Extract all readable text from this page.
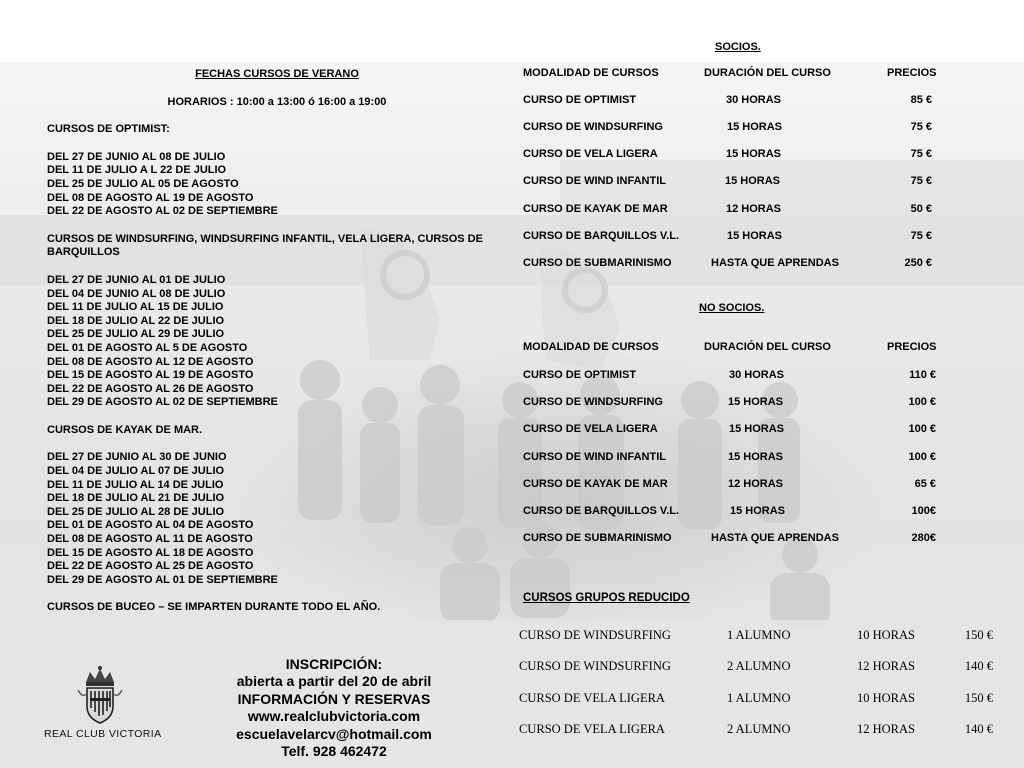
FECHAS CURSOS DE VERANO
HORARIOS : 10:00 a 13:00 ó 16:00 a 19:00
CURSOS DE OPTIMIST:
DEL 27 DE JUNIO AL 08 DE JULIO
DEL 11 DE JULIO A L 22 DE JULIO
DEL 25 DE JULIO AL 05 DE AGOSTO
DEL 08 DE AGOSTO AL 19 DE AGOSTO
DEL 22 DE AGOSTO AL 02 DE SEPTIEMBRE
CURSOS DE WINDSURFING, WINDSURFING INFANTIL, VELA LIGERA, CURSOS DE
BARQUILLOS
DEL 27 DE JUNIO AL 01 DE JULIO
DEL 04 DE JUNIO AL 08 DE JULIO
DEL 11 DE JULIO AL 15 DE JULIO
DEL 18 DE JULIO AL 22 DE JULIO
DEL 25 DE JULIO AL 29 DE JULIO
DEL 01 DE AGOSTO AL 5 DE AGOSTO
DEL 08 DE AGOSTO AL 12 DE AGOSTO
DEL 15 DE AGOSTO AL 19 DE AGOSTO
DEL 22 DE AGOSTO AL 26 DE AGOSTO
DEL 29 DE AGOSTO AL 02 DE SEPTIEMBRE
CURSOS DE KAYAK DE MAR.
DEL 27 DE JUNIO AL 30 DE JUNIO
DEL 04 DE JULIO AL 07 DE JULIO
DEL 11 DE JULIO AL 14 DE JULIO
DEL 18 DE JULIO AL 21 DE JULIO
DEL 25 DE JULIO AL 28 DE JULIO
DEL 01 DE AGOSTO AL 04 DE AGOSTO
DEL 08 DE AGOSTO AL 11 DE AGOSTO
DEL 15 DE AGOSTO AL 18 DE AGOSTO
DEL 22 DE AGOSTO AL 25 DE AGOSTO
DEL 29 DE AGOSTO AL 01 DE SEPTIEMBRE
CURSOS DE BUCEO – SE IMPARTEN DURANTE TODO EL AÑO.
SOCIOS.
MODALIDAD DE CURSOS	DURACIÓN DEL CURSO	PRECIOS
CURSO DE OPTIMIST	30 HORAS	85 €
CURSO DE WINDSURFING	15 HORAS	75 €
CURSO DE VELA LIGERA	15 HORAS	75 €
CURSO DE WIND INFANTIL	15 HORAS	75 €
CURSO DE KAYAK DE MAR	12 HORAS	50 €
CURSO DE BARQUILLOS V.L.	15 HORAS	75 €
CURSO DE SUBMARINISMO	HASTA QUE APRENDAS	250 €
NO SOCIOS.
MODALIDAD DE CURSOS	DURACIÓN DEL CURSO	PRECIOS
CURSO DE OPTIMIST	30 HORAS	110 €
CURSO DE WINDSURFING	15 HORAS	100 €
CURSO DE VELA LIGERA	15 HORAS	100 €
CURSO DE WIND INFANTIL	15 HORAS	100 €
CURSO DE KAYAK DE MAR	12 HORAS	65 €
CURSO DE BARQUILLOS V.L.	15 HORAS	100€
CURSO DE SUBMARINISMO	HASTA QUE APRENDAS	280€
CURSOS GRUPOS REDUCIDO
CURSO DE WINDSURFING	1 ALUMNO	10 HORAS	150 €
CURSO DE WINDSURFING	2 ALUMNO	12 HORAS	140 €
CURSO DE VELA LIGERA	1 ALUMNO	10 HORAS	150 €
CURSO DE VELA LIGERA	2 ALUMNO	12 HORAS	140 €
INSCRIPCIÓN:
abierta a partir del 20 de abril
INFORMACIÓN Y RESERVAS
www.realclubvictoria.com
escuelavelarcv@hotmail.com
Telf. 928 462472
REAL CLUB VICTORIA
